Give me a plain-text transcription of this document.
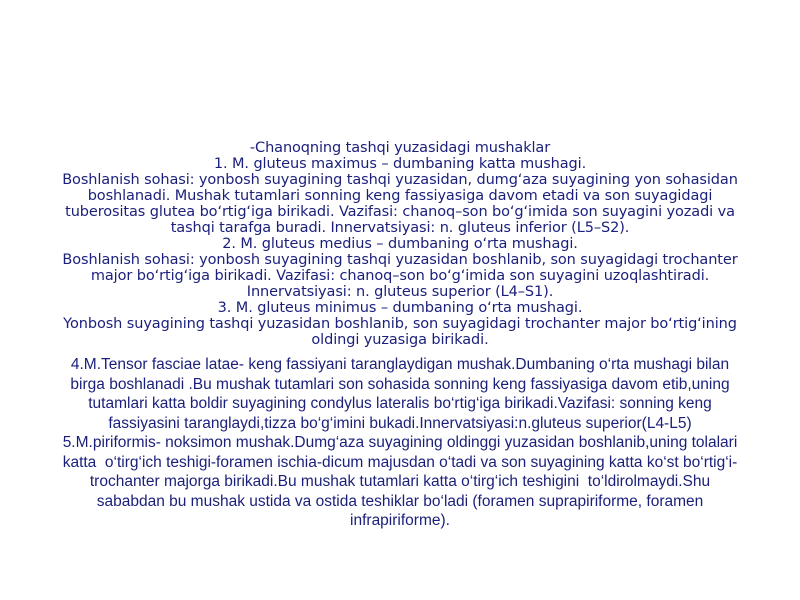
-Chanoqning tashqi yuzasidagi mushaklar
1. M. gluteus maximus – dumbaning katta mushagi.
Boshlanish sohasi: yonbosh suyagining tashqi yuzasidan, dumg‘aza suyagining yon sohasidan boshlanadi. Mushak tutamlari sonning keng fassiyasiga davom etadi va son suyagidagi tuberositas glutea bo‘rtig‘iga birikadi. Vazifasi: chanoq–son bo‘g‘imida son suyagini yozadi va tashqi tarafga buradi. Innervatsiyasi: n. gluteus inferior (L5–S2).
2. M. gluteus medius – dumbaning o‘rta mushagi.
Boshlanish sohasi: yonbosh suyagining tashqi yuzasidan boshlanib, son suyagidagi trochanter major bo‘rtig‘iga birikadi. Vazifasi: chanoq–son bo‘g‘imida son suyagini uzoqlashtiradi. Innervatsiyasi: n. gluteus superior (L4–S1).
3. M. gluteus minimus – dumbaning o‘rta mushagi.
Yonbosh suyagining tashqi yuzasidan boshlanib, son suyagidagi trochanter major bo‘rtig‘ining oldingi yuzasiga birikadi.
4.M.Tensor fasciae latae- keng fassiyani taranglaydigan mushak.Dumbaning o‘rta mushagi bilan birga boshlanadi .Bu mushak tutamlari son sohasida sonning keng fassiyasiga davom etib,uning tutamlari katta boldir suyagining condylus lateralis bo‘rtig‘iga birikadi.Vazifasi: sonning keng fassiyasini taranglaydi,tizza bo‘g‘imini bukadi.Innervatsiyasi:n.gluteus superior(L4-L5)
5.M.piriformis- noksimon mushak.Dumg‘aza suyagining oldinggi yuzasidan boshlanib,uning tolalari katta  o‘tirg‘ich teshigi-foramen ischia-dicum majusdan o‘tadi va son suyagining katta ko‘st bo‘rtig‘i-trochanter majorga birikadi.Bu mushak tutamlari katta o‘tirg‘ich teshigini  to‘ldirolmaydi.Shu sababdan bu mushak ustida va ostida teshiklar bo‘ladi (foramen suprapiriforme, foramen infrapiriforme).
